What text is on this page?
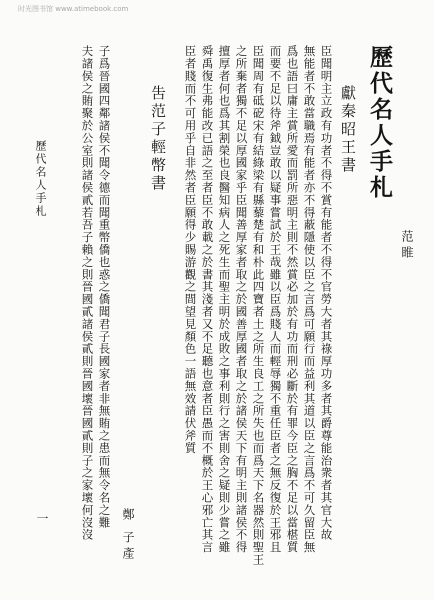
时光图书馆 www.atimebook.com
范睢
歷代名人手札
獻秦昭王書
臣聞明主立政有功者不得不賞有能者不得不官勞大者其祿厚功多者其爵尊能治衆者其官大故
無能者不敢當職焉有能者亦不得蔽隱使以臣之言爲可願行而益利其道以臣之言爲不可久留臣無
爲也語曰庸主賞所愛而罰所惡明主則不然賞必加於有功而刑必斷於有罪今臣之胸不足以當椹質
而要不足以待斧鉞豈敢以疑事嘗試於王哉雖以臣爲賤人而輕辱獨不重任臣者之無反復於王邪且
臣聞周有砥砨宋有結綠梁有縣藜楚有和朴此四寶者土之所生良工之所失也而爲天下名器然則聖王
之所棄者獨不足以厚國家乎臣聞善厚家者取之於國善厚國者取之於諸侯天下有明主則諸侯不得
擅厚者何也爲其割榮也良醫知病人之死生而聖主明於成敗之事利則行之害則舍之疑則少嘗之雖
舜禹復生弗能改已語之至者臣不敢載之於書其淺者又不足聽也意者臣愚而不概於王心邪亡其言
臣者賤而不可用乎自非然者臣願得少賜游觀之間望見顏色一語無效請伏斧質
吿范子輕幣書
鄭子產
子爲晉國四鄰諸侯不聞令德而聞重幣僑也惑之僑聞君子長國家者非無賄之患而無令名之難
夫諸侯之賄聚於公室則諸侯貳若吾子賴之則晉國貳諸侯貳則晉國壞晉國貳則子之家壞何沒沒
歷代名人手札
一
